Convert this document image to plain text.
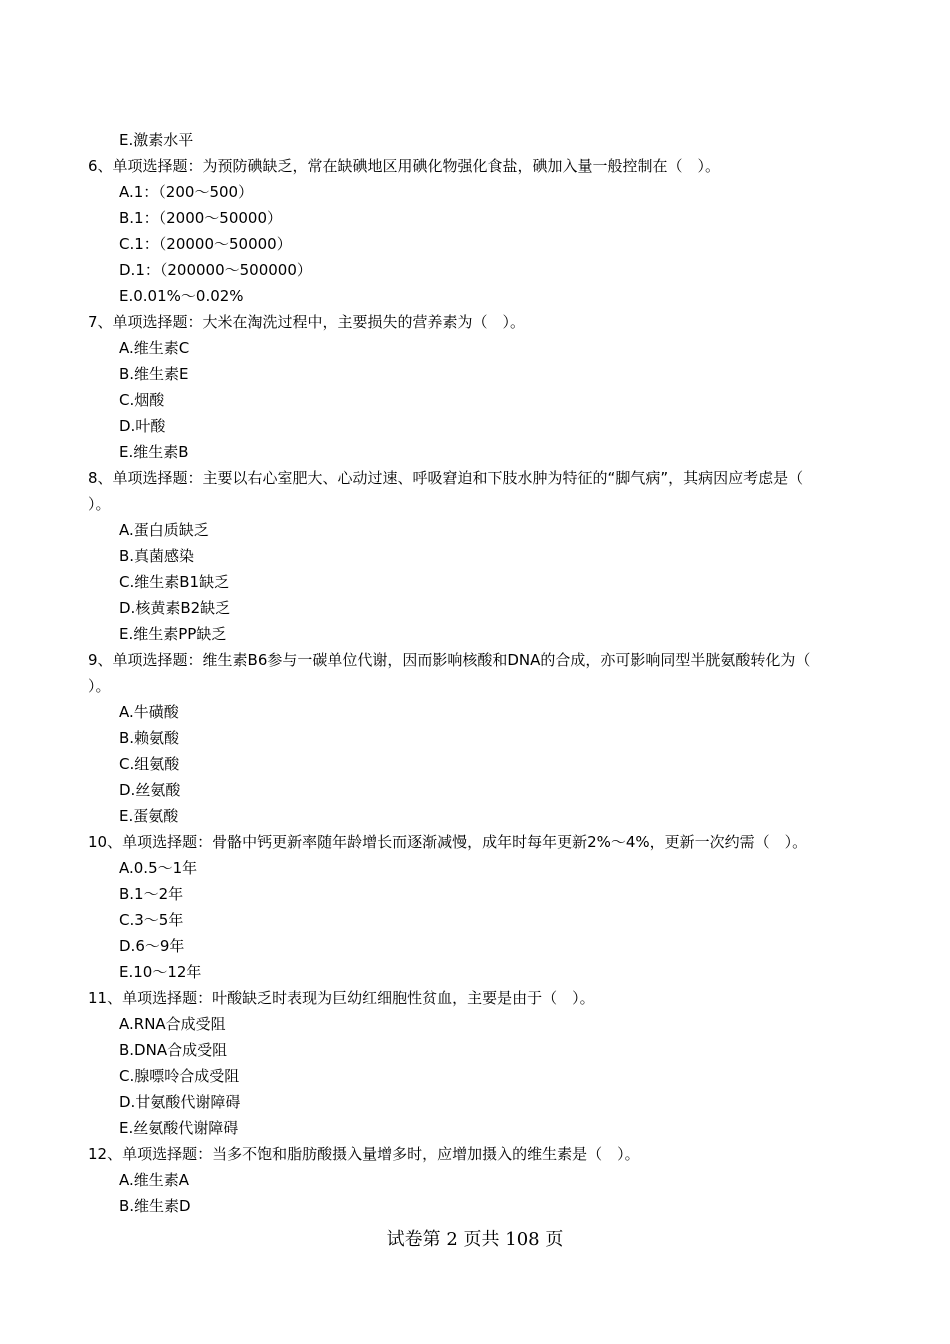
E.激素水平
6、单项选择题：为预防碘缺乏，常在缺碘地区用碘化物强化食盐，碘加入量一般控制在（　）。
A.1：（200～500）
B.1：（2000～50000）
C.1：（20000～50000）
D.1：（200000～500000）
E.0.01%～0.02%
7、单项选择题：大米在淘洗过程中，主要损失的营养素为（　）。
A.维生素C
B.维生素E
C.烟酸
D.叶酸
E.维生素B
8、单项选择题：主要以右心室肥大、心动过速、呼吸窘迫和下肢水肿为特征的“脚气病”，其病因应考虑是（
）。
A.蛋白质缺乏
B.真菌感染
C.维生素B1缺乏
D.核黄素B2缺乏
E.维生素PP缺乏
9、单项选择题：维生素B6参与一碳单位代谢，因而影响核酸和DNA的合成，亦可影响同型半胱氨酸转化为（
）。
A.牛磺酸
B.赖氨酸
C.组氨酸
D.丝氨酸
E.蛋氨酸
10、单项选择题：骨骼中钙更新率随年龄增长而逐渐减慢，成年时每年更新2%～4%，更新一次约需（　）。
A.0.5～1年
B.1～2年
C.3～5年
D.6～9年
E.10～12年
11、单项选择题：叶酸缺乏时表现为巨幼红细胞性贫血，主要是由于（　）。
A.RNA合成受阻
B.DNA合成受阻
C.腺嘌呤合成受阻
D.甘氨酸代谢障碍
E.丝氨酸代谢障碍
12、单项选择题：当多不饱和脂肪酸摄入量增多时，应增加摄入的维生素是（　）。
A.维生素A
B.维生素D
试卷第 2 页共 108 页
